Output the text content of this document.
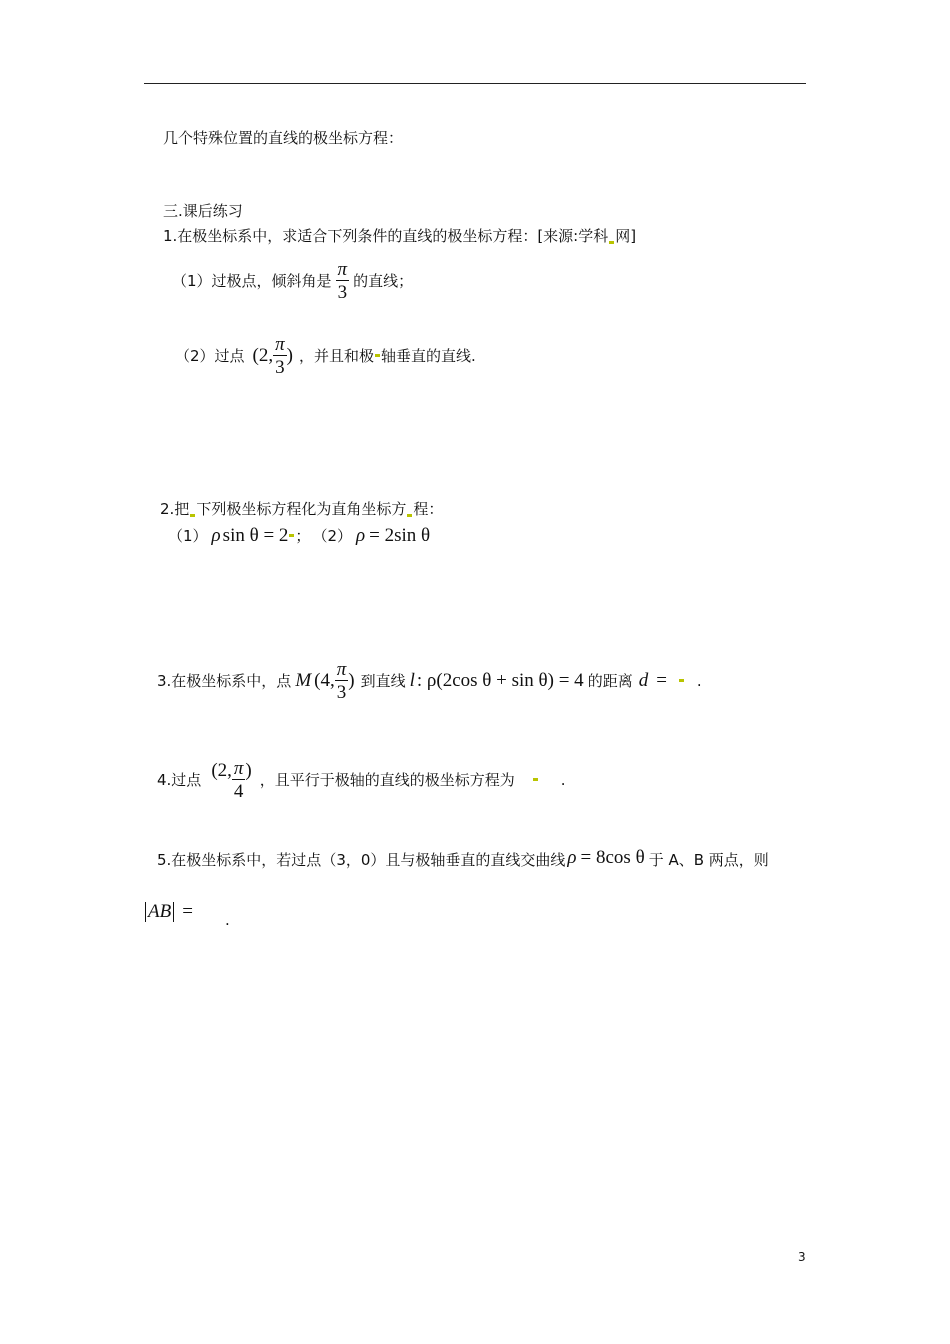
几个特殊位置的直线的极坐标方程：
三.课后练习
1.在极坐标系中，求适合下列条件的直线的极坐标方程：[来源:学科 网]
（1）过极点，倾斜角是 $\frac{\pi}{3}$ 的直线；
（2）过点 (2, $\frac{\pi}{3}$ ) ，并且和极 轴垂直的直线.
2.把 下列极坐标方程化为直角坐标方 程：
（1） ρ sin θ = 2 ； （2） ρ = 2sin θ
3.在极坐标系中，点 M (4, $\frac{\pi}{3}$ ) 到直线 l : ρ(2cos θ + sin θ) = 4 的距离 d = .
4.过点 (2, $\frac{\pi}{4}$ ) ，且平行于极轴的直线的极坐标方程为	.
5.在极坐标系中，若过点（3，0）且与极轴垂直的直线交曲线 ρ = 8cos θ 于 A、B 两点，则
AB = .
3
